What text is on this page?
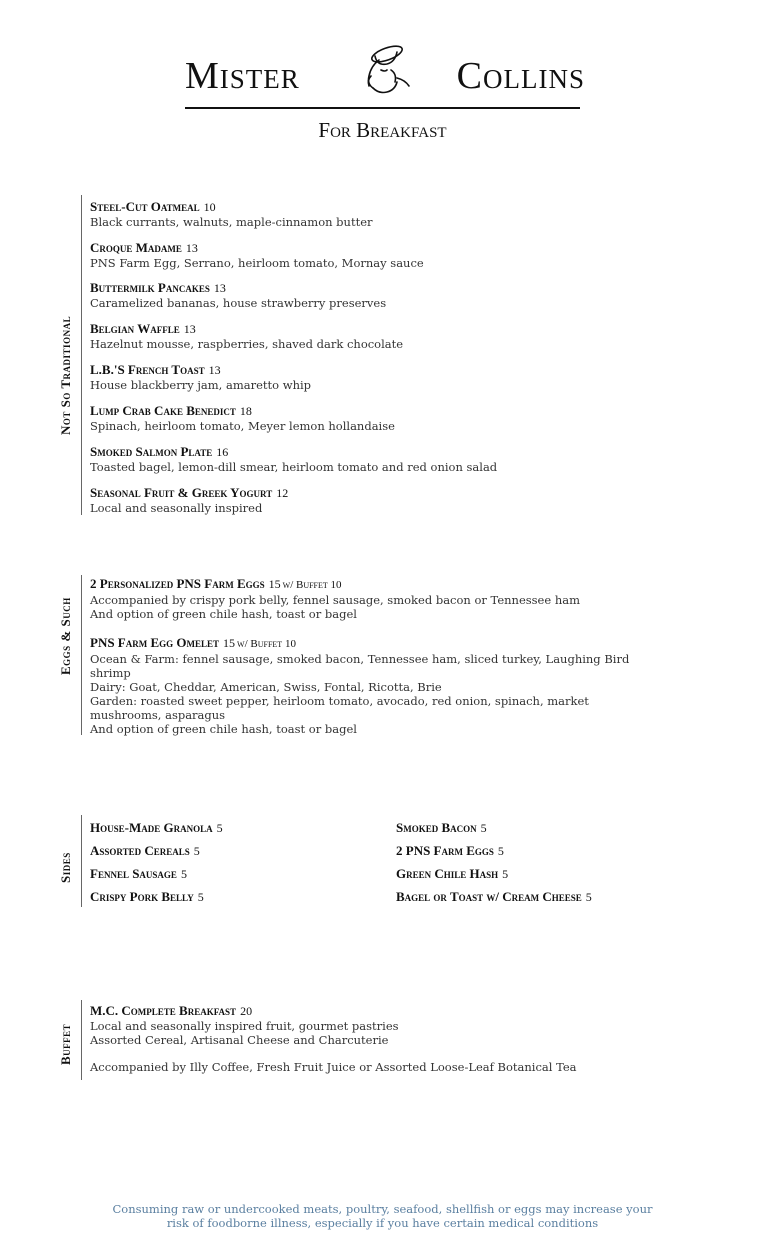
Mister	Collins
For Breakfast
Not So Traditional
Steel-Cut Oatmeal 10
Black currants, walnuts, maple-cinnamon butter
Croque Madame 13
PNS Farm Egg, Serrano, heirloom tomato, Mornay sauce
Buttermilk Pancakes 13
Caramelized bananas, house strawberry preserves
Belgian Waffle 13
Hazelnut mousse, raspberries, shaved dark chocolate
L.B.'S French Toast 13
House blackberry jam, amaretto whip
Lump Crab Cake Benedict 18
Spinach, heirloom tomato, Meyer lemon hollandaise
Smoked Salmon Plate 16
Toasted bagel, lemon-dill smear, heirloom tomato and red onion salad
Seasonal Fruit & Greek Yogurt 12
Local and seasonally inspired
Eggs & Such
2 Personalized PNS Farm Eggs 15 w/ Buffet 10
Accompanied by crispy pork belly, fennel sausage, smoked bacon or Tennessee ham
And option of green chile hash, toast or bagel
PNS Farm Egg Omelet 15 w/ Buffet 10
Ocean & Farm: fennel sausage, smoked bacon, Tennessee ham, sliced turkey, Laughing Bird
shrimp
Dairy: Goat, Cheddar, American, Swiss, Fontal, Ricotta, Brie
Garden: roasted sweet pepper, heirloom tomato, avocado, red onion, spinach, market
mushrooms, asparagus
And option of green chile hash, toast or bagel
Sides
House-Made Granola 5
Assorted Cereals 5
Fennel Sausage 5
Crispy Pork Belly 5
Smoked Bacon 5
2 PNS Farm Eggs 5
Green Chile Hash 5
Bagel or Toast w/ Cream Cheese 5
Buffet
M.C. Complete Breakfast 20
Local and seasonally inspired fruit, gourmet pastries
Assorted Cereal, Artisanal Cheese and Charcuterie
Accompanied by Illy Coffee, Fresh Fruit Juice or Assorted Loose-Leaf Botanical Tea
Consuming raw or undercooked meats, poultry, seafood, shellfish or eggs may increase your
risk of foodborne illness, especially if you have certain medical conditions
